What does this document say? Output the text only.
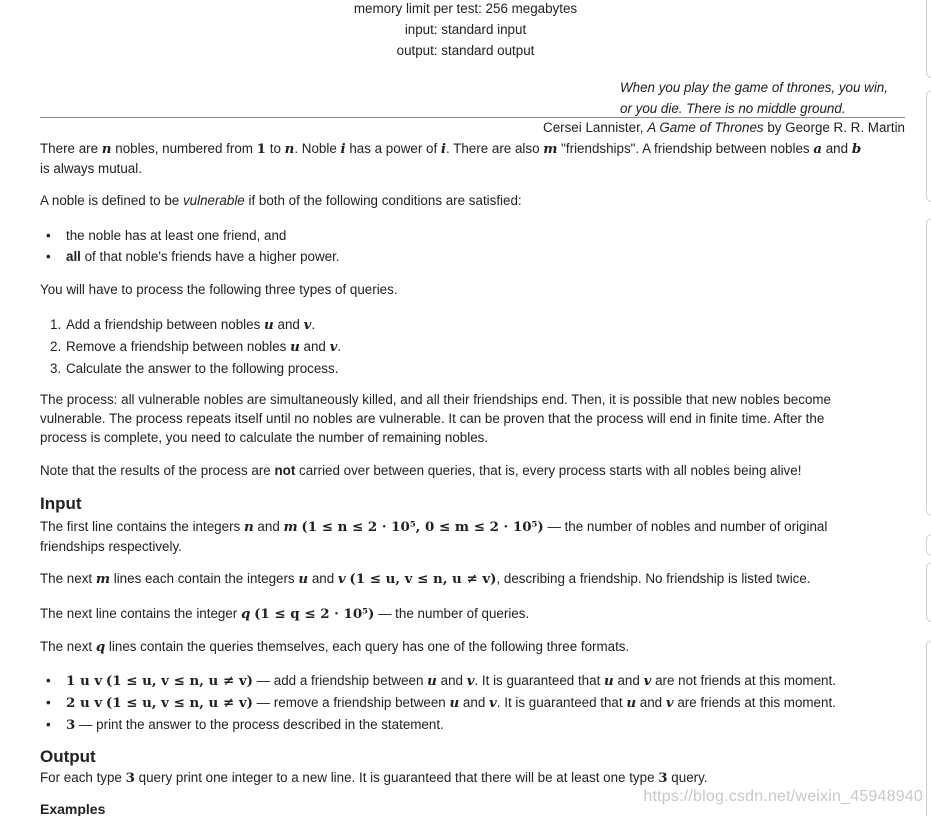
memory limit per test: 256 megabytes
input: standard input
output: standard output
When you play the game of thrones, you win,
or you die. There is no middle ground.
Cersei Lannister, A Game of Thrones by George R. R. Martin
There are n nobles, numbered from 1 to n. Noble i has a power of i. There are also m "friendships". A friendship between nobles a and b
is always mutual.
A noble is defined to be vulnerable if both of the following conditions are satisfied:
• the noble has at least one friend, and
• all of that noble's friends have a higher power.
You will have to process the following three types of queries.
1. Add a friendship between nobles u and v.
2. Remove a friendship between nobles u and v.
3. Calculate the answer to the following process.
The process: all vulnerable nobles are simultaneously killed, and all their friendships end. Then, it is possible that new nobles become
vulnerable. The process repeats itself until no nobles are vulnerable. It can be proven that the process will end in finite time. After the
process is complete, you need to calculate the number of remaining nobles.
Note that the results of the process are not carried over between queries, that is, every process starts with all nobles being alive!
Input
The first line contains the integers n and m (1 ≤ n ≤ 2 · 10⁵, 0 ≤ m ≤ 2 · 10⁵) — the number of nobles and number of original
friendships respectively.
The next m lines each contain the integers u and v (1 ≤ u, v ≤ n, u ≠ v), describing a friendship. No friendship is listed twice.
The next line contains the integer q (1 ≤ q ≤ 2 · 10⁵) — the number of queries.
The next q lines contain the queries themselves, each query has one of the following three formats.
• 1 u v (1 ≤ u, v ≤ n, u ≠ v) — add a friendship between u and v. It is guaranteed that u and v are not friends at this moment.
• 2 u v (1 ≤ u, v ≤ n, u ≠ v) — remove a friendship between u and v. It is guaranteed that u and v are friends at this moment.
• 3 — print the answer to the process described in the statement.
Output
For each type 3 query print one integer to a new line. It is guaranteed that there will be at least one type 3 query.
Examples
https://blog.csdn.net/weixin_45948940
